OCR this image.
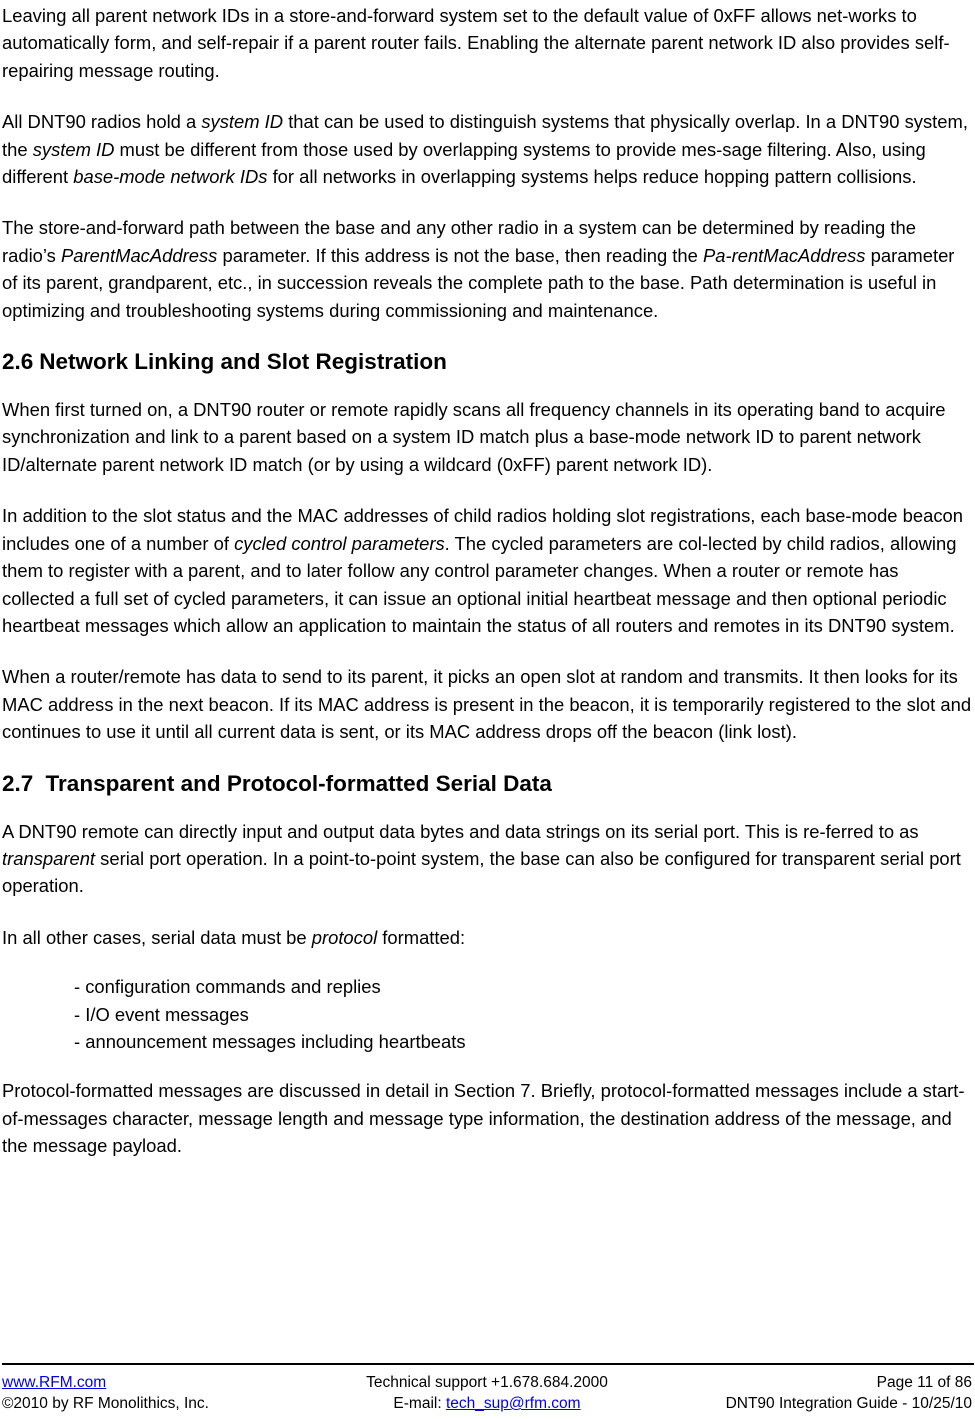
Leaving all parent network IDs in a store-and-forward system set to the default value of 0xFF allows net-works to automatically form, and self-repair if a parent router fails. Enabling the alternate parent network ID also provides self-repairing message routing.

All DNT90 radios hold a system ID that can be used to distinguish systems that physically overlap. In a DNT90 system, the system ID must be different from those used by overlapping systems to provide mes-sage filtering. Also, using different base-mode network IDs for all networks in overlapping systems helps reduce hopping pattern collisions.

The store-and-forward path between the base and any other radio in a system can be determined by reading the radio’s ParentMacAddress parameter. If this address is not the base, then reading the Pa-rentMacAddress parameter of its parent, grandparent, etc., in succession reveals the complete path to the base. Path determination is useful in optimizing and troubleshooting systems during commissioning and maintenance.

2.6 Network Linking and Slot Registration

When first turned on, a DNT90 router or remote rapidly scans all frequency channels in its operating band to acquire synchronization and link to a parent based on a system ID match plus a base-mode network ID to parent network ID/alternate parent network ID match (or by using a wildcard (0xFF) parent network ID).

In addition to the slot status and the MAC addresses of child radios holding slot registrations, each base-mode beacon includes one of a number of cycled control parameters. The cycled parameters are col-lected by child radios, allowing them to register with a parent, and to later follow any control parameter changes. When a router or remote has collected a full set of cycled parameters, it can issue an optional initial heartbeat message and then optional periodic heartbeat messages which allow an application to maintain the status of all routers and remotes in its DNT90 system.

When a router/remote has data to send to its parent, it picks an open slot at random and transmits. It then looks for its MAC address in the next beacon. If its MAC address is present in the beacon, it is temporarily registered to the slot and continues to use it until all current data is sent, or its MAC address drops off the beacon (link lost).

2.7 Transparent and Protocol-formatted Serial Data

A DNT90 remote can directly input and output data bytes and data strings on its serial port. This is re-ferred to as transparent serial port operation. In a point-to-point system, the base can also be configured for transparent serial port operation.

In all other cases, serial data must be protocol formatted:

- configuration commands and replies
- I/O event messages
- announcement messages including heartbeats

Protocol-formatted messages are discussed in detail in Section 7. Briefly, protocol-formatted messages include a start-of-messages character, message length and message type information, the destination address of the message, and the message payload.

www.RFM.com
©2010 by RF Monolithics, Inc.
Technical support +1.678.684.2000
E-mail: tech_sup@rfm.com
Page 11 of 86
DNT90 Integration Guide - 10/25/10
